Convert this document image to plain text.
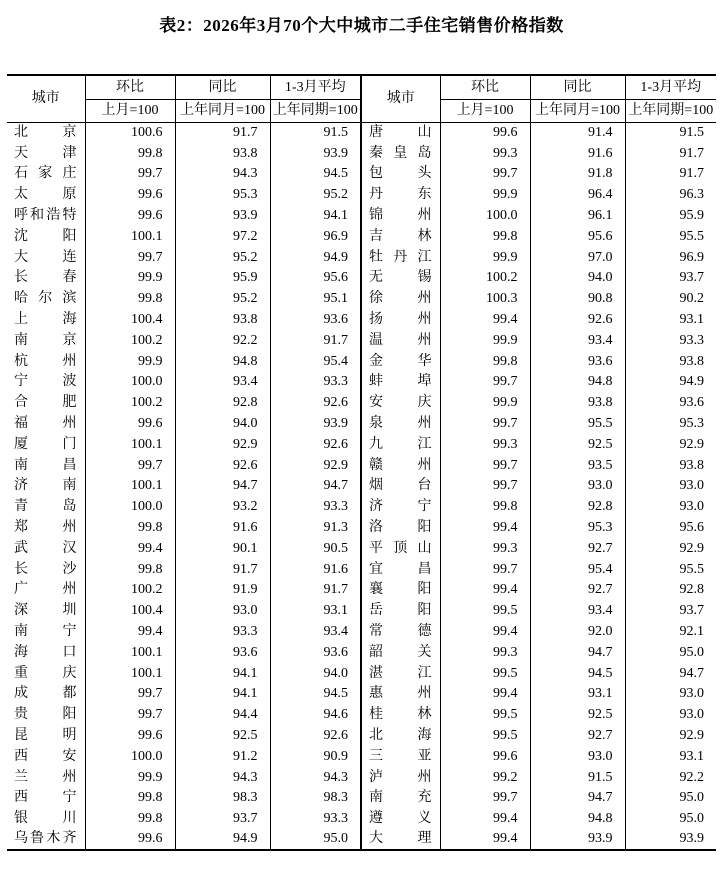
表2：2026年3月70个大中城市二手住宅销售价格指数
城市	环比	同比	1-3月平均	城市	环比	同比	1-3月平均
	上月=100	上年同月=100	上年同期=100		上月=100	上年同月=100	上年同期=100

北 京	100.6	91.7	91.5	唐 山	99.6	91.4	91.5

天 津	99.8	93.8	93.9	秦 皇 岛	99.3	91.6	91.7

石 家 庄	99.7	94.3	94.5	包 头	99.7	91.8	91.7

太 原	99.6	95.3	95.2	丹 东	99.9	96.4	96.3

呼 和 浩 特	99.6	93.9	94.1	锦 州	100.0	96.1	95.9

沈 阳	100.1	97.2	96.9	吉 林	99.8	95.6	95.5

大 连	99.7	95.2	94.9	牡 丹 江	99.9	97.0	96.9

长 春	99.9	95.9	95.6	无 锡	100.2	94.0	93.7

哈 尔 滨	99.8	95.2	95.1	徐 州	100.3	90.8	90.2

上 海	100.4	93.8	93.6	扬 州	99.4	92.6	93.1

南 京	100.2	92.2	91.7	温 州	99.9	93.4	93.3

杭 州	99.9	94.8	95.4	金 华	99.8	93.6	93.8

宁 波	100.0	93.4	93.3	蚌 埠	99.7	94.8	94.9

合 肥	100.2	92.8	92.6	安 庆	99.9	93.8	93.6

福 州	99.6	94.0	93.9	泉 州	99.7	95.5	95.3

厦 门	100.1	92.9	92.6	九 江	99.3	92.5	92.9

南 昌	99.7	92.6	92.9	赣 州	99.7	93.5	93.8

济 南	100.1	94.7	94.7	烟 台	99.7	93.0	93.0

青 岛	100.0	93.2	93.3	济 宁	99.8	92.8	93.0

郑 州	99.8	91.6	91.3	洛 阳	99.4	95.3	95.6

武 汉	99.4	90.1	90.5	平 顶 山	99.3	92.7	92.9

长 沙	99.8	91.7	91.6	宜 昌	99.7	95.4	95.5

广 州	100.2	91.9	91.7	襄 阳	99.4	92.7	92.8

深 圳	100.4	93.0	93.1	岳 阳	99.5	93.4	93.7

南 宁	99.4	93.3	93.4	常 德	99.4	92.0	92.1

海 口	100.1	93.6	93.6	韶 关	99.3	94.7	95.0

重 庆	100.1	94.1	94.0	湛 江	99.5	94.5	94.7

成 都	99.7	94.1	94.5	惠 州	99.4	93.1	93.0

贵 阳	99.7	94.4	94.6	桂 林	99.5	92.5	93.0

昆 明	99.6	92.5	92.6	北 海	99.5	92.7	92.9

西 安	100.0	91.2	90.9	三 亚	99.6	93.0	93.1

兰 州	99.9	94.3	94.3	泸 州	99.2	91.5	92.2

西 宁	99.8	98.3	98.3	南 充	99.7	94.7	95.0

银 川	99.8	93.7	93.3	遵 义	99.4	94.8	95.0

乌 鲁 木 齐	99.6	94.9	95.0	大 理	99.4	93.9	93.9
